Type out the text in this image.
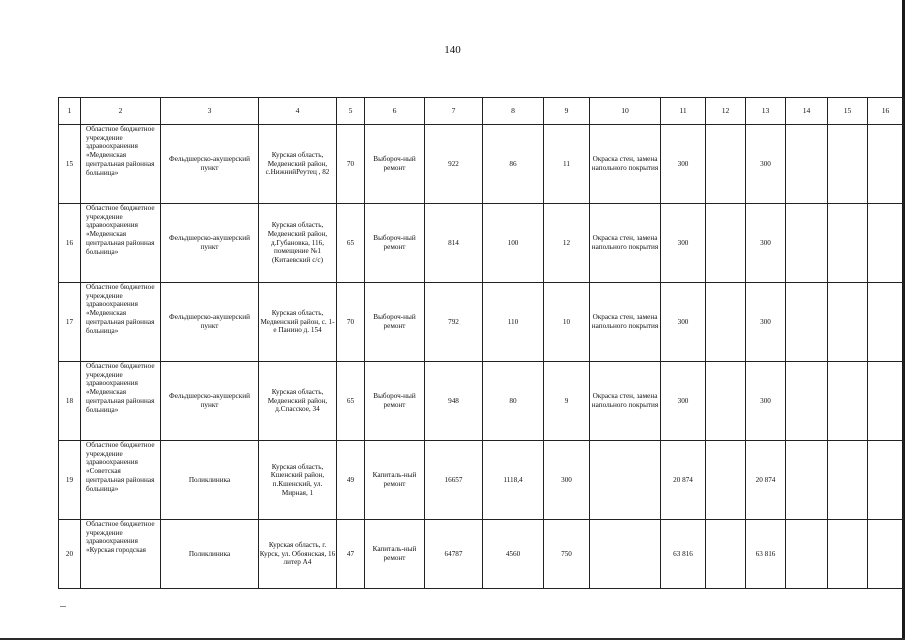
140
1	2	3	4	5	6	7	8	9	10	11	12	13	14	15	16
15	Областное бюджетное учреждение здравоохранения «Медвенская центральная районная больница»	Фельдшерско-акушерский пункт	Курская область, Медвенский район, с.НижнийРеутец , 82	70	Выбороч-ный ремонт	922	86	11	Окраска стен, замена напольного покрытия	300		300			
16	Областное бюджетное учреждение здравоохранения «Медвенская центральная районная больница»	Фельдшерско-акушерский пункт	Курская область, Медвенский район, д.Губановка, 116, помещение №1 (Китаевский с/с)	65	Выбороч-ный ремонт	814	100	12	Окраска стен, замена напольного покрытия	300		300			
17	Областное бюджетное учреждение здравоохранения «Медвенская центральная районная больница»	Фельдшерско-акушерский пункт	Курская область, Медвенский район, с. 1-е Панино д. 154	70	Выбороч-ный ремонт	792	110	10	Окраска стен, замена напольного покрытия	300		300			
18	Областное бюджетное учреждение здравоохранения «Медвенская центральная районная больница»	Фельдшерско-акушерский пункт	Курская область, Медвенский район, д.Спасское, 34	65	Выбороч-ный ремонт	948	80	9	Окраска стен, замена напольного покрытия	300		300			
19	Областное бюджетное учреждение здравоохранения «Советская центральная районная больница»	Поликлиника	Курская область, Кшенский район, п.Кшенский, ул. Мирная, 1	49	Капиталь-ный ремонт	16657	1118,4	300		20 874		20 874			
20	Областное бюджетное учреждение здравоохранения «Курская городская	Поликлиника	Курская область, г. Курск, ул. Обоянская, 16 литер А4	47	Капиталь-ный ремонт	64787	4560	750		63 816		63 816			
